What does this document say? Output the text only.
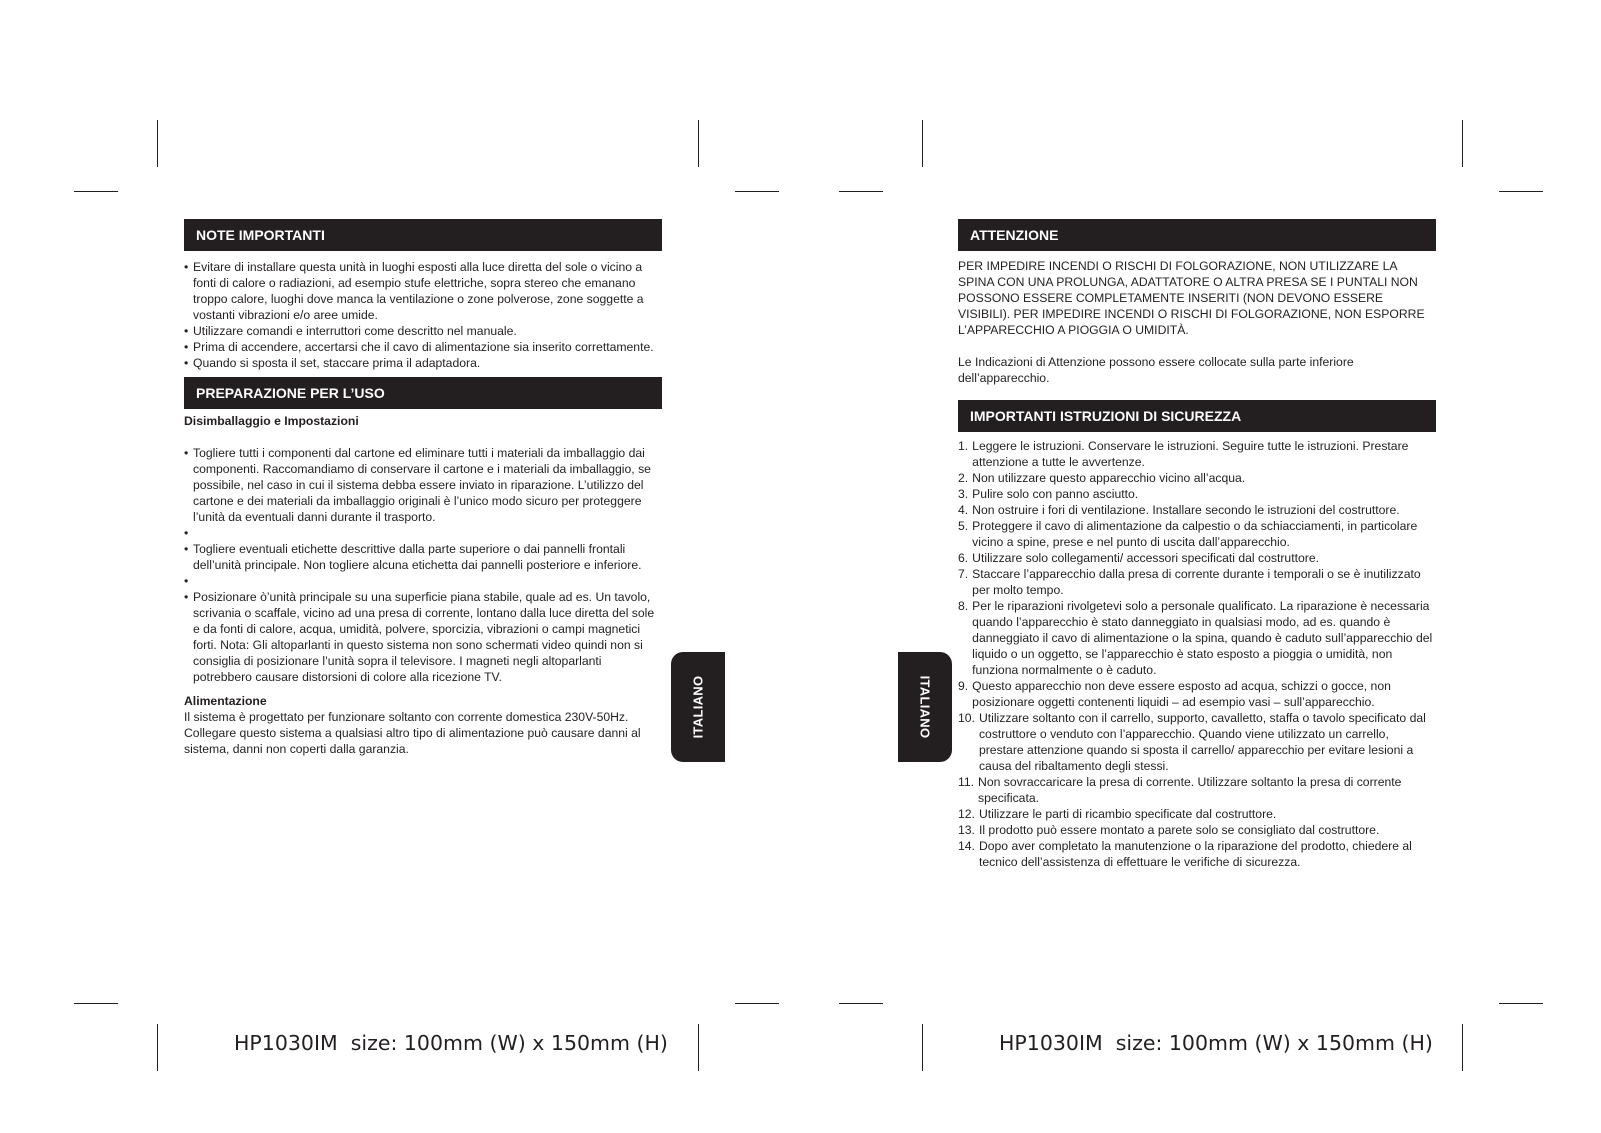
NOTE IMPORTANTI
• Evitare di installare questa unità in luoghi esposti alla luce diretta del sole o vicino a fonti di calore o radiazioni, ad esempio stufe elettriche, sopra stereo che emanano troppo calore, luoghi dove manca la ventilazione o zone polverose, zone soggette a vostanti vibrazioni e/o aree umide.
• Utilizzare comandi e interruttori come descritto nel manuale.
• Prima di accendere, accertarsi che il cavo di alimentazione sia inserito correttamente.
• Quando si sposta il set, staccare prima il adaptadora.
PREPARAZIONE PER L’USO

Disimballaggio e Impostazioni

• Togliere tutti i componenti dal cartone ed eliminare tutti i materiali da imballaggio dai componenti. Raccomandiamo di conservare il cartone e i materiali da imballaggio, se possibile, nel caso in cui il sistema debba essere inviato in riparazione. L’utilizzo del cartone e dei materiali da imballaggio originali è l’unico modo sicuro per proteggere l’unità da eventuali danni durante il trasporto.
•
• Togliere eventuali etichette descrittive dalla parte superiore o dai pannelli frontali dell’unità principale. Non togliere alcuna etichetta dai pannelli posteriore e inferiore.
•
• Posizionare ò’unità principale su una superficie piana stabile, quale ad es. Un tavolo, scrivania o scaffale, vicino ad una presa di corrente, lontano dalla luce diretta del sole e da fonti di calore, acqua, umidità, polvere, sporcizia, vibrazioni o campi magnetici forti. Nota: Gli altoparlanti in questo sistema non sono schermati video quindi non si consiglia di posizionare l’unità sopra il televisore. I magneti negli altoparlanti potrebbero causare distorsioni di colore alla ricezione TV.

Alimentazione

Il sistema è progettato per funzionare soltanto con corrente domestica 230V-50Hz. Collegare questo sistema a qualsiasi altro tipo di alimentazione può causare danni al sistema, danni non coperti dalla garanzia.

ITALIANO
HP1030IM  size: 100mm (W) x 150mm (H)
ATTENZIONE

PER IMPEDIRE INCENDI O RISCHI DI FOLGORAZIONE, NON UTILIZZARE LA SPINA CON UNA PROLUNGA, ADATTATORE O ALTRA PRESA SE I PUNTALI NON POSSONO ESSERE COMPLETAMENTE INSERITI (NON DEVONO ESSERE VISIBILI). PER IMPEDIRE INCENDI O RISCHI DI FOLGORAZIONE, NON ESPORRE L’APPARECCHIO A PIOGGIA O UMIDITÀ.

Le Indicazioni di Attenzione possono essere collocate sulla parte inferiore dell’apparecchio.

IMPORTANTI ISTRUZIONI DI SICUREZZA
1. Leggere le istruzioni. Conservare le istruzioni. Seguire tutte le istruzioni. Prestare attenzione a tutte le avvertenze.
2. Non utilizzare questo apparecchio vicino all’acqua.
3. Pulire solo con panno asciutto.
4. Non ostruire i fori di ventilazione. Installare secondo le istruzioni del costruttore.
5. Proteggere il cavo di alimentazione da calpestio o da schiacciamenti, in particolare vicino a spine, prese e nel punto di uscita dall’apparecchio.
6. Utilizzare solo collegamenti/ accessori specificati dal costruttore.
7. Staccare l’apparecchio dalla presa di corrente durante i temporali o se è inutilizzato per molto tempo.
8. Per le riparazioni rivolgetevi solo a personale qualificato. La riparazione è necessaria quando l’apparecchio è stato danneggiato in qualsiasi modo, ad es. quando è danneggiato il cavo di alimentazione o la spina, quando è caduto sull’apparecchio del liquido o un oggetto, se l’apparecchio è stato esposto a pioggia o umidità, non funziona normalmente o è caduto.
9. Questo apparecchio non deve essere esposto ad acqua, schizzi o gocce, non posizionare oggetti contenenti liquidi – ad esempio vasi – sull’apparecchio.
10. Utilizzare soltanto con il carrello, supporto, cavalletto, staffa o tavolo specificato dal costruttore o venduto con l’apparecchio. Quando viene utilizzato un carrello, prestare attenzione quando si sposta il carrello/ apparecchio per evitare lesioni a causa del ribaltamento degli stessi.
11. Non sovraccaricare la presa di corrente. Utilizzare soltanto la presa di corrente specificata.
12. Utilizzare le parti di ricambio specificate dal costruttore.
13. Il prodotto può essere montato a parete solo se consigliato dal costruttore.
14. Dopo aver completato la manutenzione o la riparazione del prodotto, chiedere al tecnico dell’assistenza di effettuare le verifiche di sicurezza.
ITALIANO
HP1030IM  size: 100mm (W) x 150mm (H)
